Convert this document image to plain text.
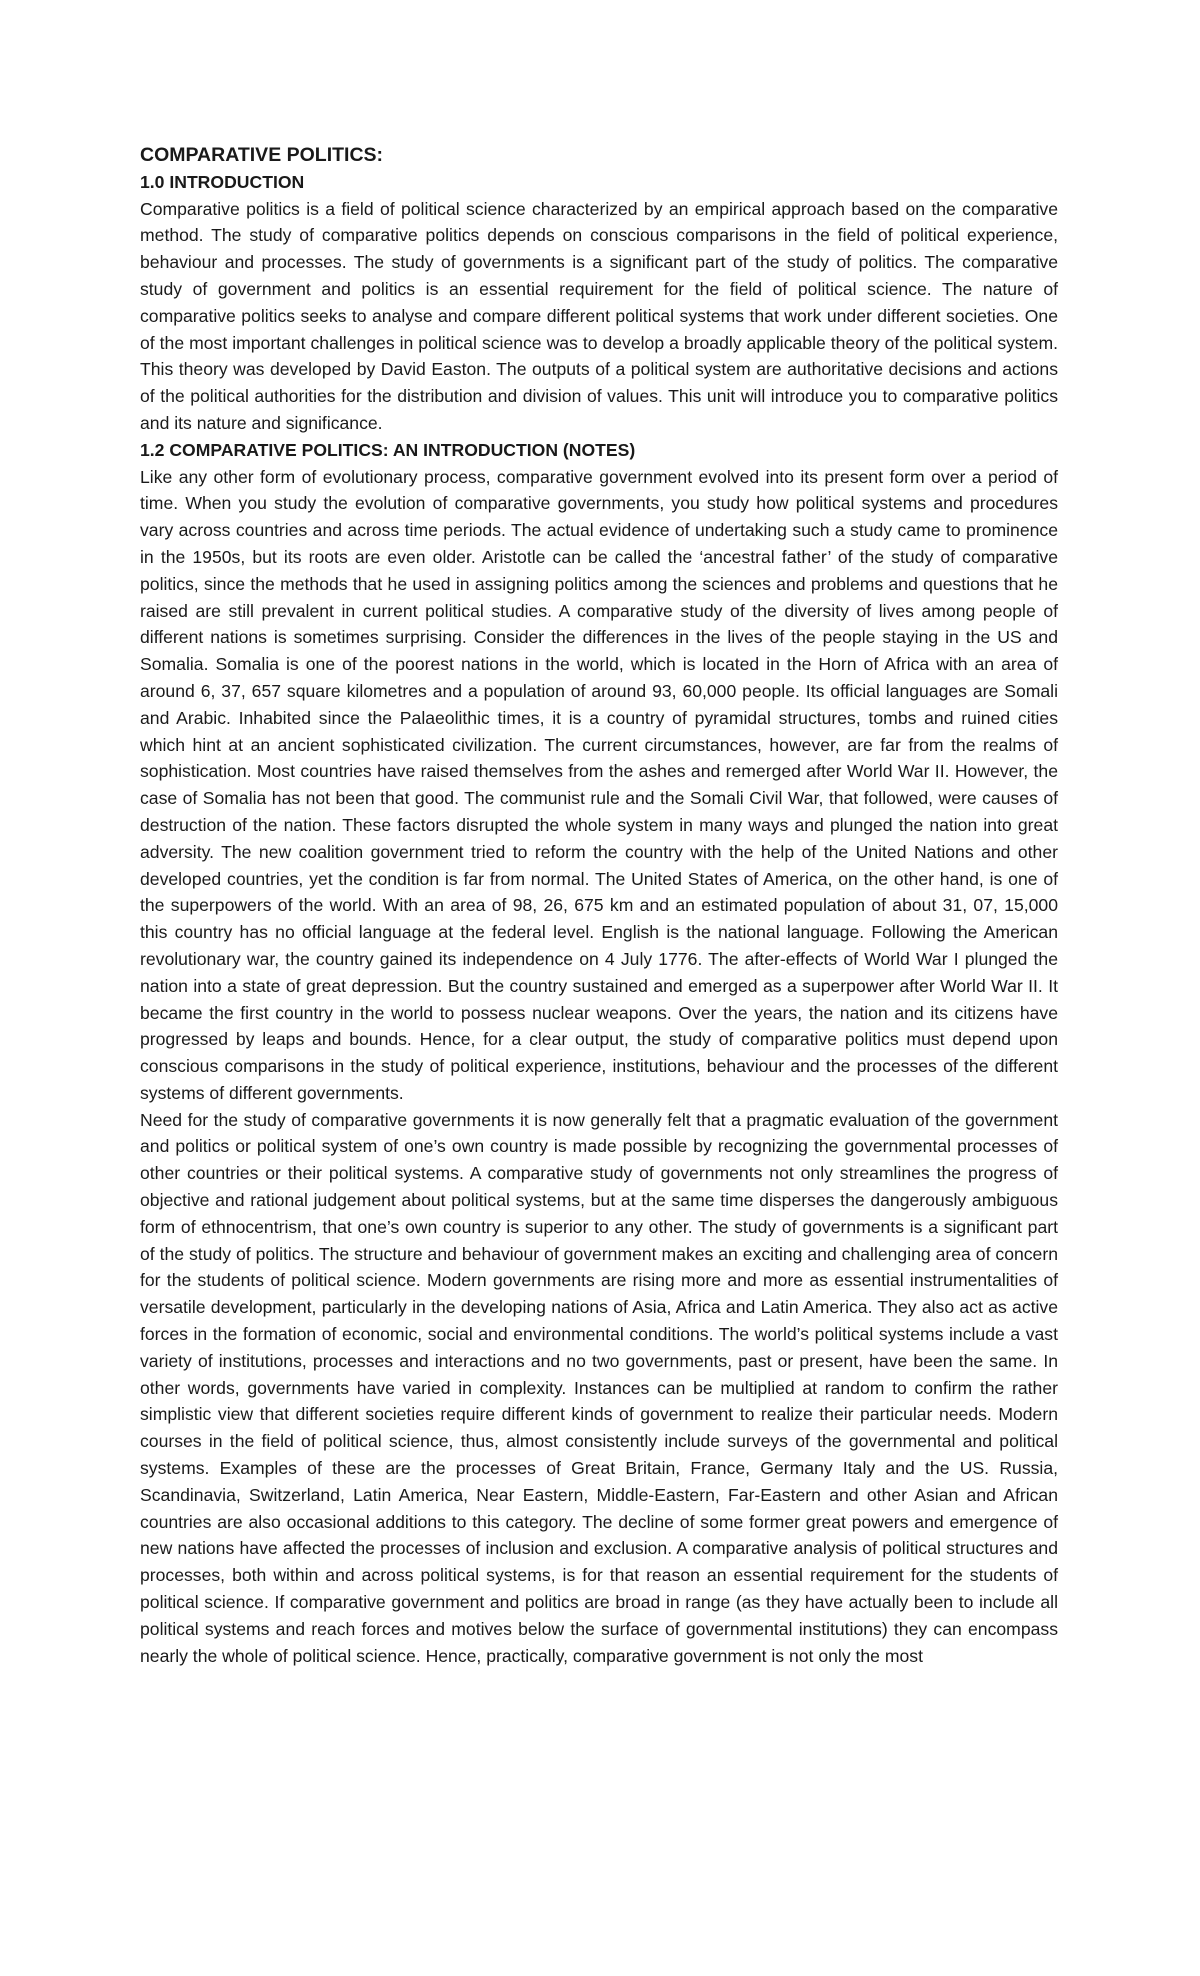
COMPARATIVE POLITICS:

1.0 INTRODUCTION

Comparative politics is a field of political science characterized by an empirical approach based on the comparative method. The study of comparative politics depends on conscious comparisons in the field of political experience, behaviour and processes. The study of governments is a significant part of the study of politics. The comparative study of government and politics is an essential requirement for the field of political science. The nature of comparative politics seeks to analyse and compare different political systems that work under different societies. One of the most important challenges in political science was to develop a broadly applicable theory of the political system. This theory was developed by David Easton. The outputs of a political system are authoritative decisions and actions of the political authorities for the distribution and division of values. This unit will introduce you to comparative politics and its nature and significance.

1.2 COMPARATIVE POLITICS: AN INTRODUCTION (NOTES)

Like any other form of evolutionary process, comparative government evolved into its present form over a period of time. When you study the evolution of comparative governments, you study how political systems and procedures vary across countries and across time periods. The actual evidence of undertaking such a study came to prominence in the 1950s, but its roots are even older. Aristotle can be called the ‘ancestral father’ of the study of comparative politics, since the methods that he used in assigning politics among the sciences and problems and questions that he raised are still prevalent in current political studies. A comparative study of the diversity of lives among people of different nations is sometimes surprising. Consider the differences in the lives of the people staying in the US and Somalia. Somalia is one of the poorest nations in the world, which is located in the Horn of Africa with an area of around 6, 37, 657 square kilometres and a population of around 93, 60,000 people. Its official languages are Somali and Arabic. Inhabited since the Palaeolithic times, it is a country of pyramidal structures, tombs and ruined cities which hint at an ancient sophisticated civilization. The current circumstances, however, are far from the realms of sophistication. Most countries have raised themselves from the ashes and remerged after World War II. However, the case of Somalia has not been that good. The communist rule and the Somali Civil War, that followed, were causes of destruction of the nation. These factors disrupted the whole system in many ways and plunged the nation into great adversity. The new coalition government tried to reform the country with the help of the United Nations and other developed countries, yet the condition is far from normal. The United States of America, on the other hand, is one of the superpowers of the world. With an area of 98, 26, 675 km and an estimated population of about 31, 07, 15,000 this country has no official language at the federal level. English is the national language. Following the American revolutionary war, the country gained its independence on 4 July 1776. The after-effects of World War I plunged the nation into a state of great depression. But the country sustained and emerged as a superpower after World War II. It became the first country in the world to possess nuclear weapons. Over the years, the nation and its citizens have progressed by leaps and bounds. Hence, for a clear output, the study of comparative politics must depend upon conscious comparisons in the study of political experience, institutions, behaviour and the processes of the different systems of different governments.

Need for the study of comparative governments it is now generally felt that a pragmatic evaluation of the government and politics or political system of one’s own country is made possible by recognizing the governmental processes of other countries or their political systems. A comparative study of governments not only streamlines the progress of objective and rational judgement about political systems, but at the same time disperses the dangerously ambiguous form of ethnocentrism, that one’s own country is superior to any other. The study of governments is a significant part of the study of politics. The structure and behaviour of government makes an exciting and challenging area of concern for the students of political science. Modern governments are rising more and more as essential instrumentalities of versatile development, particularly in the developing nations of Asia, Africa and Latin America. They also act as active forces in the formation of economic, social and environmental conditions. The world’s political systems include a vast variety of institutions, processes and interactions and no two governments, past or present, have been the same. In other words, governments have varied in complexity. Instances can be multiplied at random to confirm the rather simplistic view that different societies require different kinds of government to realize their particular needs. Modern courses in the field of political science, thus, almost consistently include surveys of the governmental and political systems. Examples of these are the processes of Great Britain, France, Germany Italy and the US. Russia, Scandinavia, Switzerland, Latin America, Near Eastern, Middle-Eastern, Far-Eastern and other Asian and African countries are also occasional additions to this category. The decline of some former great powers and emergence of new nations have affected the processes of inclusion and exclusion. A comparative analysis of political structures and processes, both within and across political systems, is for that reason an essential requirement for the students of political science. If comparative government and politics are broad in range (as they have actually been to include all political systems and reach forces and motives below the surface of governmental institutions) they can encompass nearly the whole of political science. Hence, practically, comparative government is not only the most
